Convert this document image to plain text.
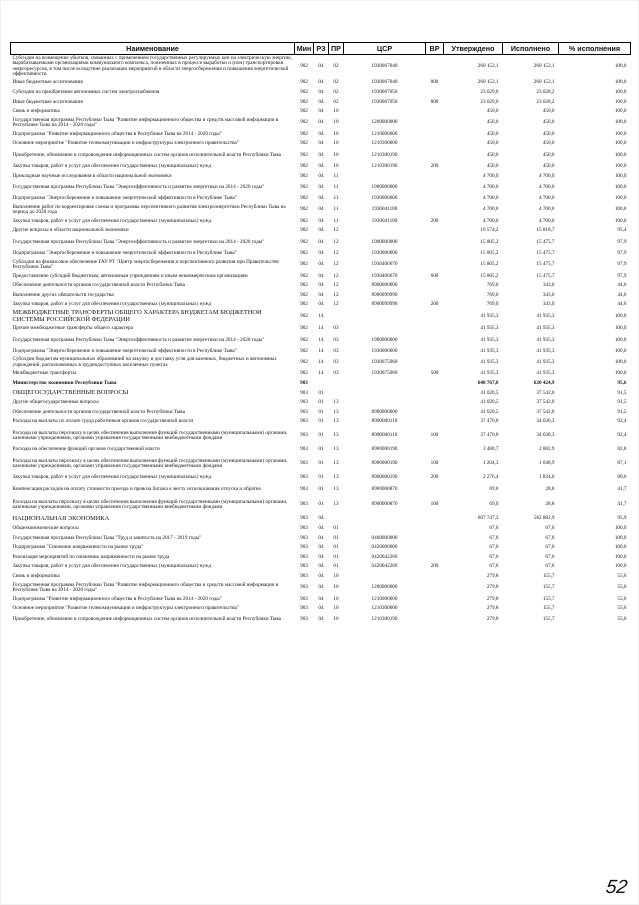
Наименование	Мин	РЗ	ПР	ЦСР	ВР	Утверждено	Исполнено	% исполнения
Субсидии на возмещение убытков, связанных с применением государственных регулируемых цен на электрическую энергию, вырабатываемыми организациями коммунального комплекса, поиезенных в процессе выработки и (или) транспортировки энергоресурсов, в том числе вследствие реализации мероприятий в области энергосбережения и повышения энергетической эффективности	902	04	02	1930067040		260 153,1	260 153,1	100,0
Иные бюджетные ассигнования	902	04	02	1930067040	800	260 153,1	260 153,1	100,0
Субсидии на приобретение автономных систем электроснабжения	902	04	02	1930067050		23 029,0	23 028,2	100,0
Иные бюджетные ассигнования	902	04	02	1930067050	800	23 029,0	23 028,2	100,0
Связь и информатика	902	04	10			450,0	450,0	100,0
Государственная программа Республики Тыва "Развитие информационного общества и средств массовой информации в Республике Тыва на 2014 - 2020 годы"	902	04	10	1200000000		450,0	450,0	100,0
Подпрограмма "Развитие информационного общества в Республике Тыва на 2014 - 2020 годы"	902	04	10	1210000000		450,0	450,0	100,0
Основное мероприятие "Развитие телекоммуникации и инфраструктуры электронного правительства"	902	04	10	1210300000		450,0	450,0	100,0
Приобретение, обновление и сопровождение информационных систем органов исполнительной власти Республики Тыва	902	04	10	1210300190		450,0	450,0	100,0
Закупка товаров, работ и услуг для обеспечения государственных (муниципальных) нужд	902	04	10	1210300190	200	450,0	450,0	100,0
Прикладные научные исследования в области национальной экономики	902	04	11			4 700,0	4 700,0	100,0
Государственная программа Республики Тыва "Энергоэффективность и развитие энергетики на 2014 - 2020 годы"	902	04	11	1900000000		4 700,0	4 700,0	100,0
Подпрограмма "Энергосбережение и повышение энергетической эффективности в Республике Тыва"	902	04	11	1930000000		4 700,0	4 700,0	100,0
Выполнение работ по корректировке схемы и программы перспективного развития электроэнергетики Республики Тыва на период до 2020 года	902	04	11	1930041100		4 700,0	4 700,0	100,0
Закупка товаров, работ и услуг для обеспечения государственных (муниципальных) нужд	902	04	11	1930041100	200	4 700,0	4 700,0	100,0
Другие вопросы в области национальной экономики	902	04	12			16 574,2	15 818,7	95,4
Государственная программа Республики Тыва "Энергоэффективность и развитие энергетики на 2014 - 2020 годы"	902	04	12	1900000000		15 805,2	15 475,7	97,9
Подпрограмма "Энергосбережение и повышение энергетической эффективности в Республике Тыва"	902	04	12	1930000000		15 805,2	15 475,7	97,9
Субсидии на финансовое обеспечение ГАУ РТ "Центр энергосбережения и перспективного развития при Правительстве Республики Тыва"	902	04	12	1930406670		15 805,2	15 475,7	97,9
Предоставление субсидий бюджетным, автономным учреждениям и иным некоммерческим организациям	902	04	12	1930406670	600	15 805,2	15 475,7	97,9
Обеспечение деятельности органов государственной власти Республики Тыва	902	04	12	8900000000		769,0	343,0	44,6
Выполнение других обязательств государства	902	04	12	8900099990		769,0	343,0	44,6
Закупка товаров, работ и услуг для обеспечения государственных (муниципальных) нужд	902	04	12	8900099990	200	769,0	343,0	44,6
МЕЖБЮДЖЕТНЫЕ ТРАНСФЕРТЫ ОБЩЕГО ХАРАКТЕРА БЮДЖЕТАМ БЮДЖЕТНОЙ СИСТЕМЫ РОССИЙСКОЙ ФЕДЕРАЦИИ	902	14				41 935,3	41 935,3	100,0
Прочие межбюджетные трансферты общего характера	902	14	03			41 935,3	41 935,3	100,0
Государственная программа Республики Тыва "Энергоэффективность и развитие энергетики на 2014 - 2020 годы"	902	14	03	1900000000		41 935,3	41 935,3	100,0
Подпрограмма "Энергосбережение и повышение энергетической эффективности в Республике Тыва"	902	14	03	1930000000		41 935,3	41 935,3	100,0
Субсидии бюджетам муниципальных образований на закупку и доставку угля для казенных, бюджетных и автономных учреждений, расположенных в труднодоступных населенных пунктах	902	14	03	1930075060		41 935,3	41 935,3	100,0
Межбюджетные трансферты	902	14	03	1930075060	500	41 935,3	41 935,3	100,0
Министерство экономики Республики Тыва	903					648 767,8	620 424,9	95,6
ОБЩЕГОСУДАРСТВЕННЫЕ ВОПРОСЫ	903	01				41 020,5	37 542,0	91,5
Другие общегосударственные вопросы	903	01	13			41 020,5	37 542,0	91,5
Обеспечение деятельности органов государственной власти Республики Тыва	903	01	13	8900000000		41 020,5	37 542,0	91,5
Расходы на выплаты по оплате труда работников органов государственной власти	903	01	13	8900000110		37 470,8	34 630,3	92,4
Расходы на выплаты персоналу в целях обеспечения выполнения функций государственными (муниципальными) органами, казенными учреждениями, органами управления государственными внебюджетными фондами	903	01	13	8900000110	100	37 470,8	34 630,3	92,4
Расходы на обеспечение функций органов государственной власти	903	01	13	8900000190		3 480,7	2 882,9	82,8
Расходы на выплаты персоналу в целях обеспечения выполнения функций государственными (муниципальными) органами, казенными учреждениями, органами управления государственными внебюджетными фондами	903	01	13	8900000190	100	1 204,3	1 048,9	87,1
Закупка товаров, работ и услуг для обеспечения государственных (муниципальных) нужд	903	01	13	8900000190	200	2 276,4	1 834,0	80,6
Компенсация расходов на оплату стоимости проезда и провоза багажа к месту использования отпуска и обратно	903	01	13	8900000870		69,0	28,8	41,7
Расходы на выплаты персоналу в целях обеспечения выполнения функций государственными (муниципальными) органами, казенными учреждениями, органами управления государственными внебюджетными фондами	903	01	13	8900000870	100	69,0	28,8	41,7
НАЦИОНАЛЬНАЯ ЭКОНОМИКА	903	04				607 747,3	582 882,9	95,9
Общеэкономические вопросы	903	04	01			67,6	67,6	100,0
Государственная программа Республики Тыва "Труд и занятость на 2017 - 2019 годы"	903	04	01	0400000000		67,6	67,6	100,0
Подпрограмма "Снижение напряженности на рынке труда"	903	04	01	0420000000		67,6	67,6	100,0
Реализация мероприятий по снижению напряженности на рынке труда	903	04	01	0420042260		67,6	67,6	100,0
Закупка товаров, работ и услуг для обеспечения государственных (муниципальных) нужд	903	04	01	0420042260	200	67,6	67,6	100,0
Связь и информатика	903	04	10			279,8	155,7	55,6
Государственная программа Республики Тыва "Развитие информационного общества и средств массовой информации в Республике Тыва на 2014 - 2020 годы"	903	04	10	1200000000		279,8	155,7	55,6
Подпрограмма "Развитие информационного общества в Республике Тыва на 2014 - 2020 годы"	903	04	10	1210000000		279,8	155,7	55,6
Основное мероприятие "Развитие телекоммуникации и инфраструктуры электронного правительства"	903	04	10	1210300000		279,8	155,7	55,6
Приобретение, обновление и сопровождение информационных систем органов исполнительной власти Республики Тыва	903	04	10	1210300190		279,8	155,7	55,6
52
